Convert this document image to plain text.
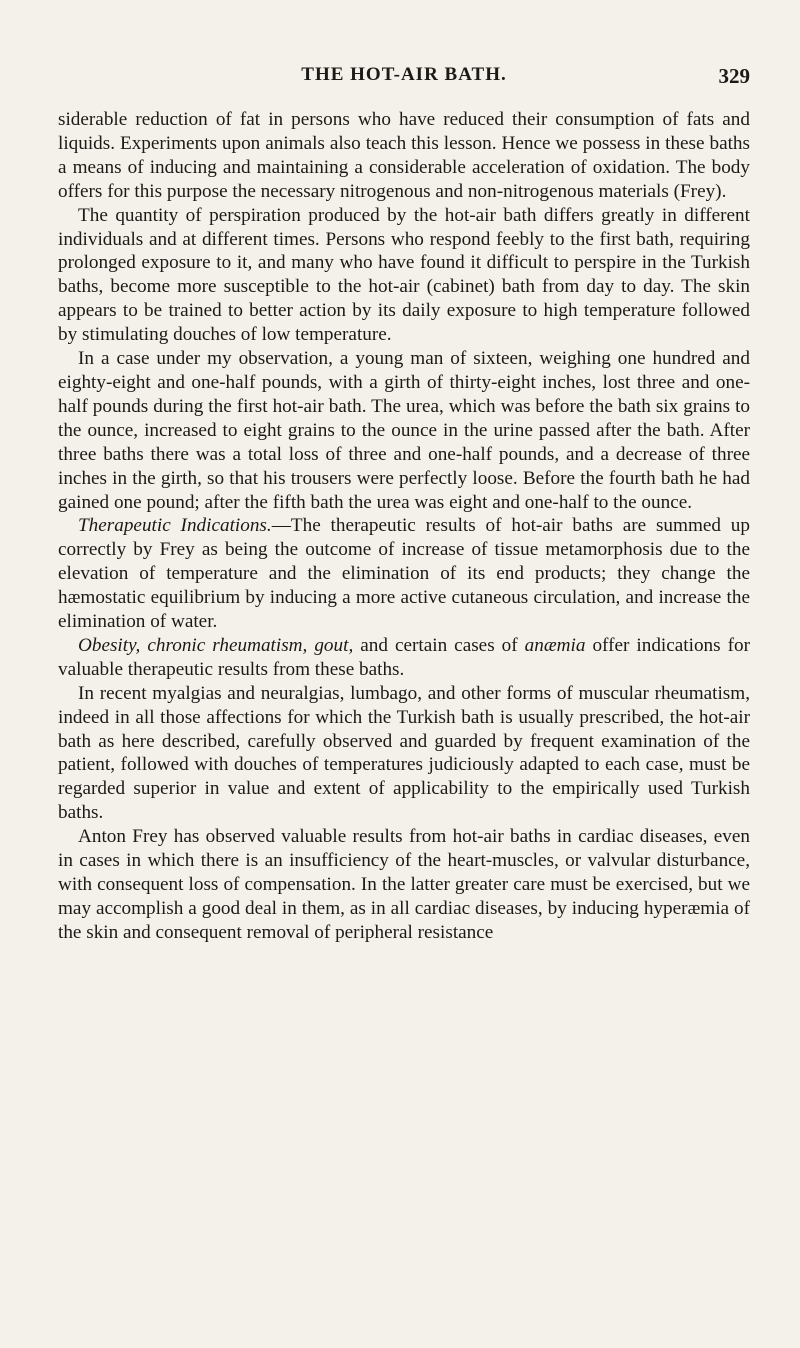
THE HOT-AIR BATH.	329

siderable reduction of fat in persons who have reduced their consumption of fats and liquids. Experiments upon animals also teach this lesson. Hence we possess in these baths a means of inducing and maintaining a considerable acceleration of oxidation. The body offers for this purpose the necessary nitrogenous and non-nitrogenous materials (Frey).

The quantity of perspiration produced by the hot-air bath differs greatly in different individuals and at different times. Persons who respond feebly to the first bath, requiring prolonged exposure to it, and many who have found it difficult to perspire in the Turkish baths, become more susceptible to the hot-air (cabinet) bath from day to day. The skin appears to be trained to better action by its daily exposure to high temperature followed by stimulating douches of low temperature.

In a case under my observation, a young man of sixteen, weighing one hundred and eighty-eight and one-half pounds, with a girth of thirty-eight inches, lost three and one-half pounds during the first hot-air bath. The urea, which was before the bath six grains to the ounce, increased to eight grains to the ounce in the urine passed after the bath. After three baths there was a total loss of three and one-half pounds, and a decrease of three inches in the girth, so that his trousers were perfectly loose. Before the fourth bath he had gained one pound; after the fifth bath the urea was eight and one-half to the ounce.

Therapeutic Indications.—The therapeutic results of hot-air baths are summed up correctly by Frey as being the outcome of increase of tissue metamorphosis due to the elevation of temperature and the elimination of its end products; they change the hæmostatic equilibrium by inducing a more active cutaneous circulation, and increase the elimination of water.

Obesity, chronic rheumatism, gout, and certain cases of anæmia offer indications for valuable therapeutic results from these baths.

In recent myalgias and neuralgias, lumbago, and other forms of muscular rheumatism, indeed in all those affections for which the Turkish bath is usually prescribed, the hot-air bath as here described, carefully observed and guarded by frequent examination of the patient, followed with douches of temperatures judiciously adapted to each case, must be regarded superior in value and extent of applicability to the empirically used Turkish baths.

Anton Frey has observed valuable results from hot-air baths in cardiac diseases, even in cases in which there is an insufficiency of the heart-muscles, or valvular disturbance, with consequent loss of compensation. In the latter greater care must be exercised, but we may accomplish a good deal in them, as in all cardiac diseases, by inducing hyperæmia of the skin and consequent removal of peripheral resistance
